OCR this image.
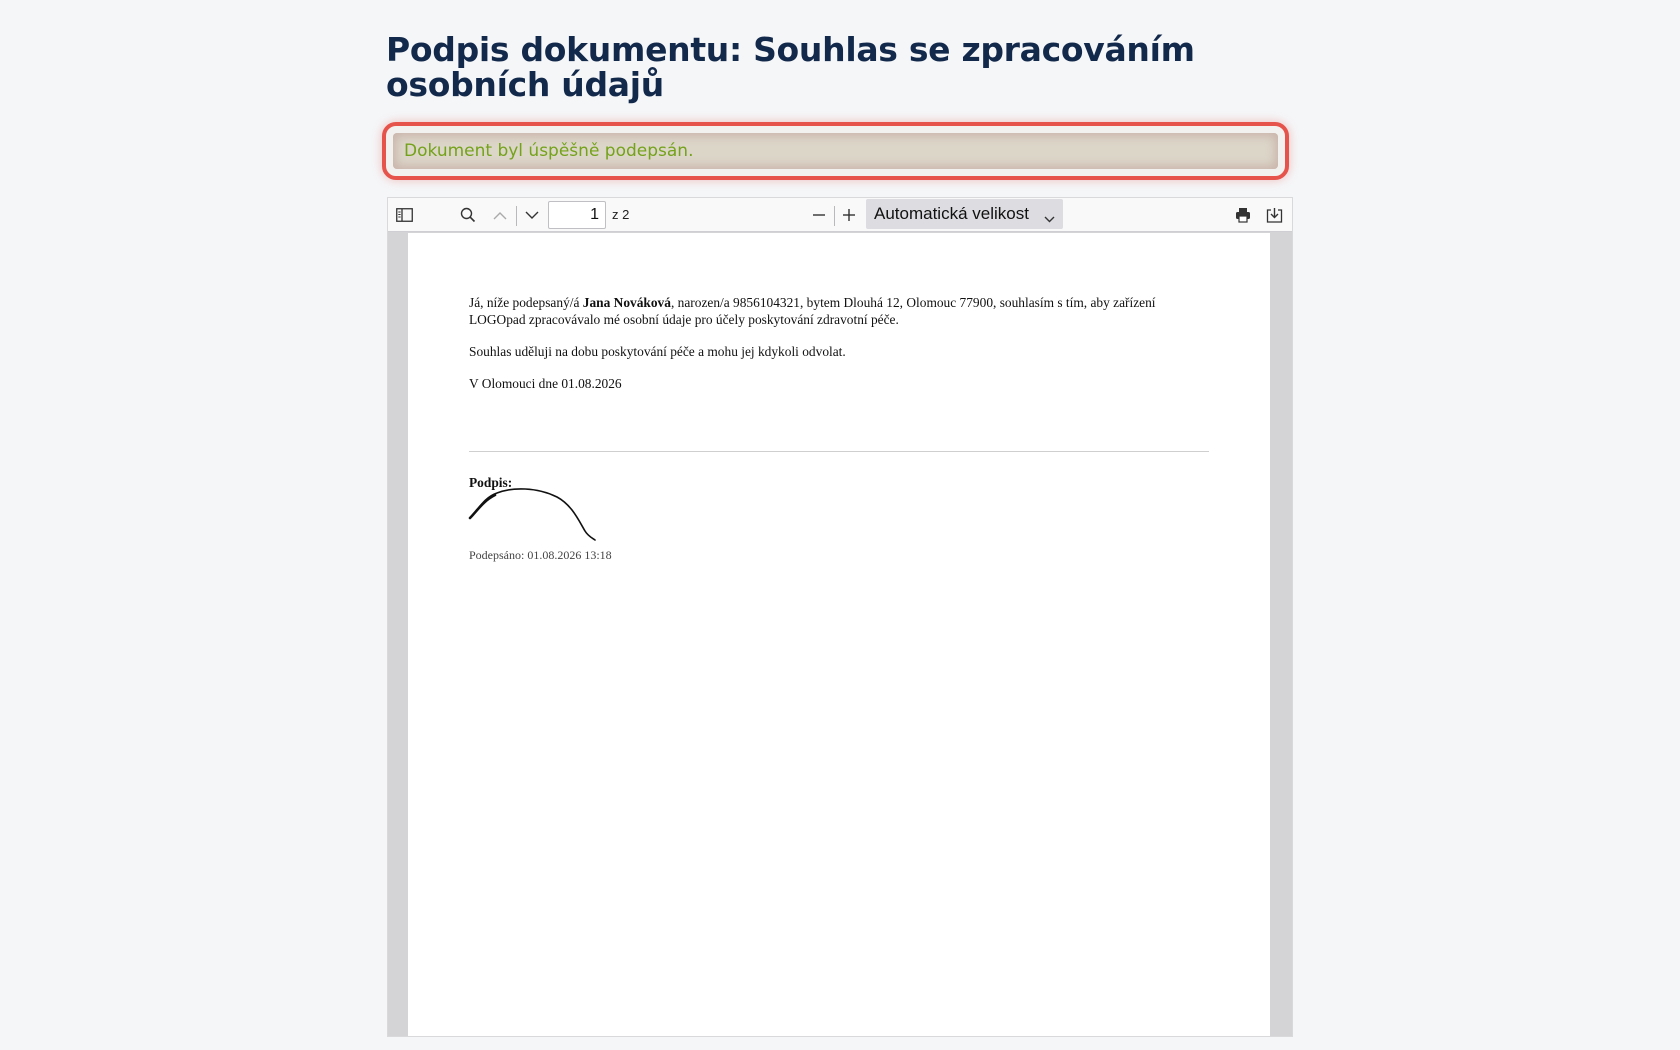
Podpis dokumentu: Souhlas se zpracováním osobních údajů
Dokument byl úspěšně podepsán.
1
z 2	Automatická velikost
Já, níže podepsaný/á Jana Nováková, narozen/a 9856104321, bytem Dlouhá 12, Olomouc 77900, souhlasím s tím, aby zařízení LOGOpad zpracovávalo mé osobní údaje pro účely poskytování zdravotní péče.
Souhlas uděluji na dobu poskytování péče a mohu jej kdykoli odvolat.
V Olomouci dne 01.08.2026
Podpis:
Podepsáno: 01.08.2026 13:18
